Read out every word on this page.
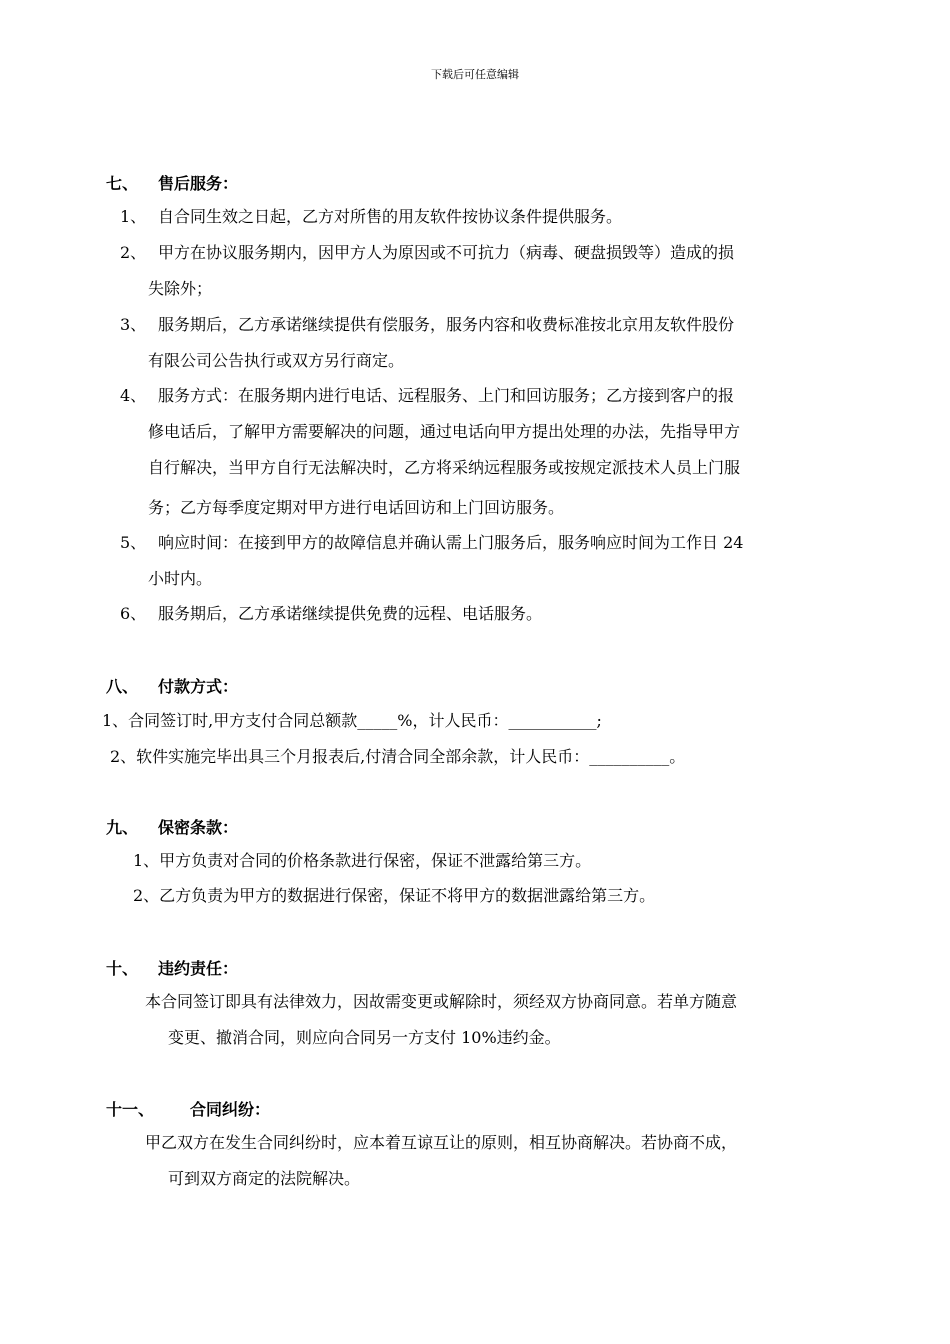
下载后可任意编辑
七、 售后服务：
1、 自合同生效之日起，乙方对所售的用友软件按协议条件提供服务。
2、 甲方在协议服务期内，因甲方人为原因或不可抗力（病毒、硬盘损毁等）造成的损
失除外；
3、 服务期后，乙方承诺继续提供有偿服务，服务内容和收费标准按北京用友软件股份
有限公司公告执行或双方另行商定。
4、 服务方式：在服务期内进行电话、远程服务、上门和回访服务；乙方接到客户的报
修电话后，了解甲方需要解决的问题，通过电话向甲方提出处理的办法，先指导甲方
自行解决，当甲方自行无法解决时，乙方将采纳远程服务或按规定派技术人员上门服
务；乙方每季度定期对甲方进行电话回访和上门回访服务。
5、 响应时间：在接到甲方的故障信息并确认需上门服务后，服务响应时间为工作日 24
小时内。
6、 服务期后，乙方承诺继续提供免费的远程、电话服务。
八、 付款方式：
1、合同签订时,甲方支付合同总额款_____%，计人民币：___________;
2、软件实施完毕出具三个月报表后,付清合同全部余款，计人民币：__________。
九、 保密条款：
1、甲方负责对合同的价格条款进行保密，保证不泄露给第三方。
2、乙方负责为甲方的数据进行保密，保证不将甲方的数据泄露给第三方。
十、 违约责任：
本合同签订即具有法律效力，因故需变更或解除时，须经双方协商同意。若单方随意
变更、撤消合同，则应向合同另一方支付 10%违约金。
十一、 合同纠纷：
甲乙双方在发生合同纠纷时，应本着互谅互让的原则，相互协商解决。若协商不成，
可到双方商定的法院解决。
